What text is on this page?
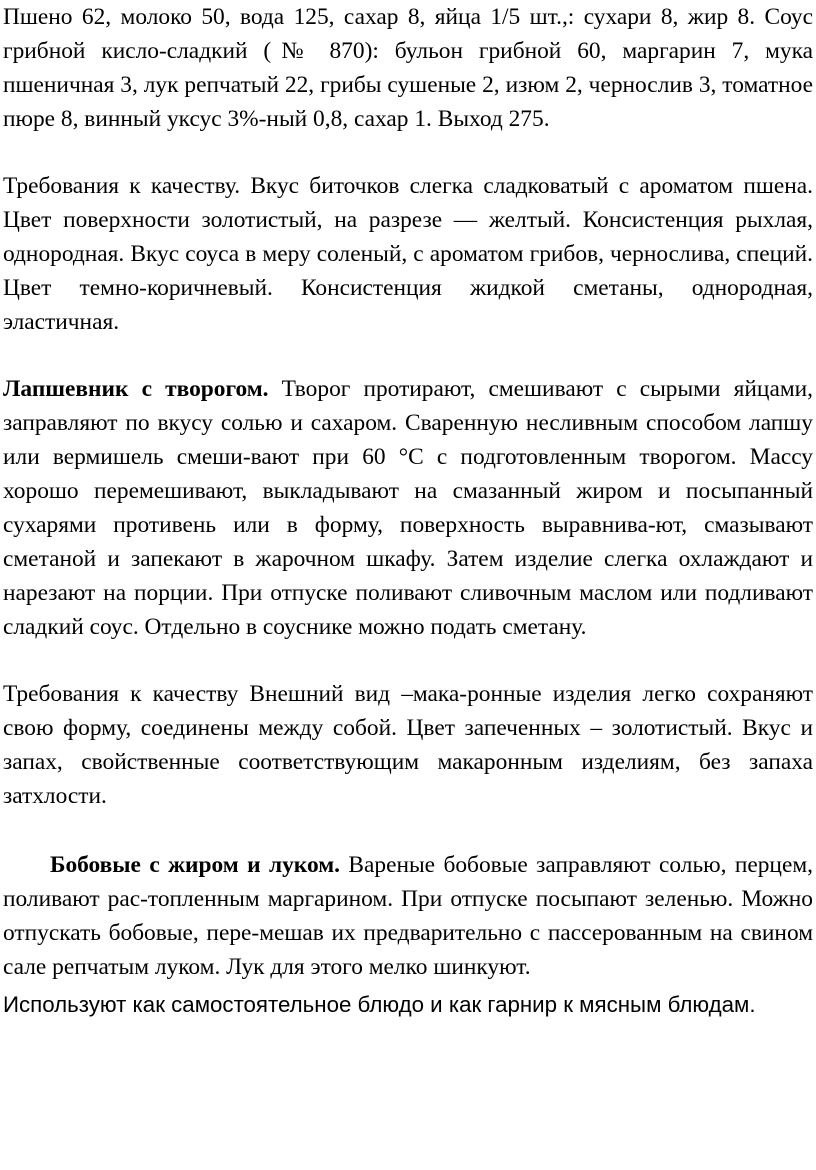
Пшено 62, молоко 50, вода 125, сахар 8, яйца 1/5 шт.,: сухари 8, жир 8. Соус грибной кисло-сладкий (№ 870): бульон грибной 60, маргарин 7, мука пшеничная 3, лук репчатый 22, грибы сушеные 2, изюм 2, чернослив 3, томатное пюре 8, винный уксус 3%-ный 0,8, сахар 1. Выход 275.

Требования к качеству. Вкус биточков слегка сладковатый с ароматом пшена. Цвет поверхности золотистый, на разрезе — желтый. Консистенция рыхлая, однородная. Вкус соуса в меру соленый, с ароматом грибов, чернослива, специй. Цвет темно-коричневый. Консистенция жидкой сметаны, однородная, эластичная.

Лапшевник с творогом. Творог протирают, смешивают с сырыми яйцами, заправляют по вкусу солью и сахаром. Сваренную несливным способом лапшу или вермишель смеши-вают при 60 °С с подготовленным творогом. Массу хорошо перемешивают, выкладывают на смазанный жиром и посыпанный сухарями противень или в форму, поверхность выравнива-ют, смазывают сметаной и запекают в жарочном шкафу. Затем изделие слегка охлаждают и нарезают на порции. При отпуске поливают сливочным маслом или подливают сладкий соус. Отдельно в соуснике можно подать сметану.

Требования к качеству Внешний вид –мака-ронные изделия легко сохраняют свою форму, соединены между собой. Цвет запеченных – золотистый. Вкус и запах, свойственные соответствующим макаронным изделиям, без запаха затхлости.

Бобовые с жиром и луком. Вареные бобовые заправляют солью, перцем, поливают рас-топленным маргарином. При отпуске посыпают зеленью. Можно отпускать бобовые, пере-мешав их предварительно с пассерованным на свином сале репчатым луком. Лук для этого мелко шинкуют.

Используют как самостоятельное блюдо и как гарнир к мясным блюдам.
